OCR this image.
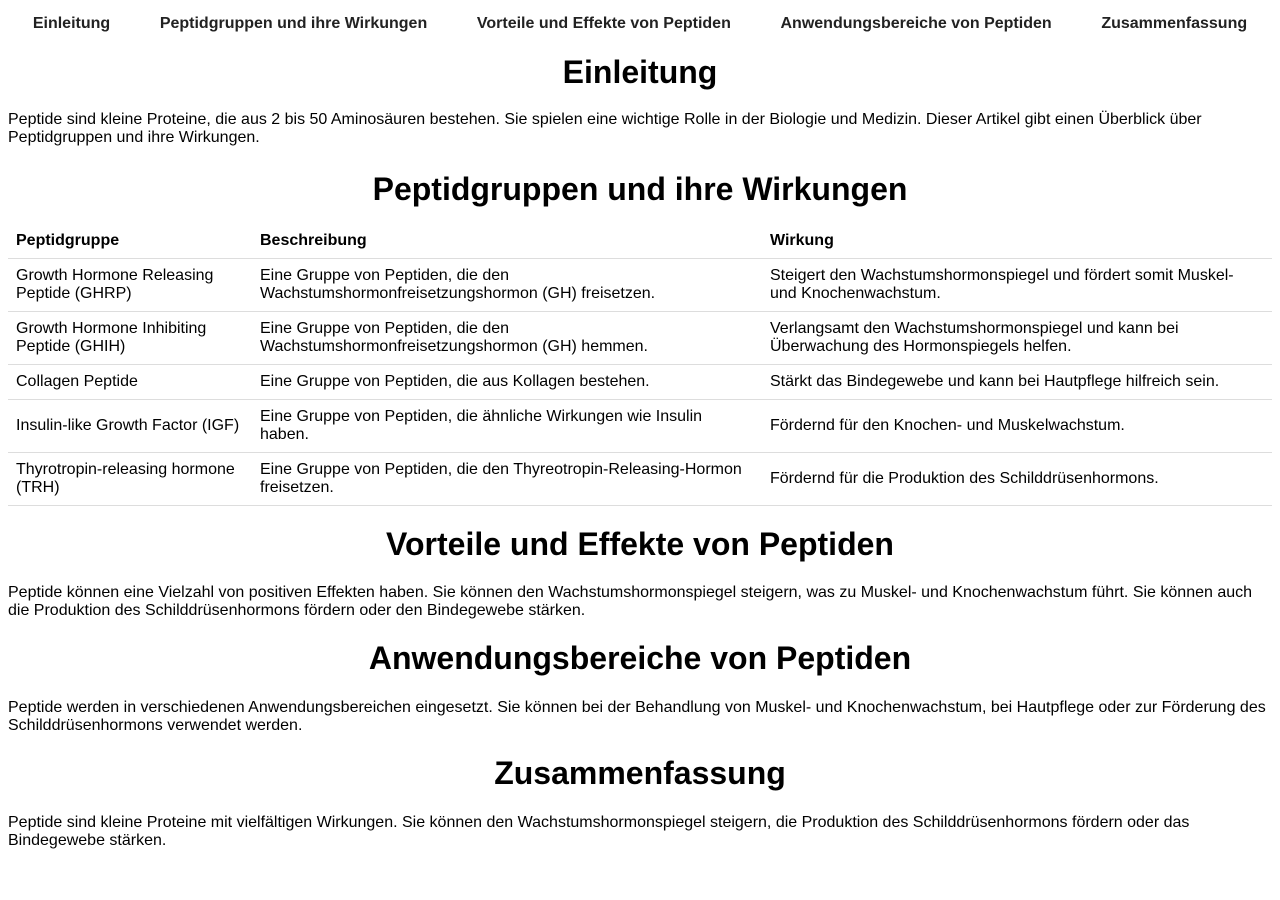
Einleitung	Peptidgruppen und ihre Wirkungen	Vorteile und Effekte von Peptiden	Anwendungsbereiche von Peptiden	Zusammenfassung
Einleitung

Peptide sind kleine Proteine, die aus 2 bis 50 Aminosäuren bestehen. Sie spielen eine wichtige Rolle in der Biologie und Medizin. Dieser Artikel gibt einen Überblick über Peptidgruppen und ihre Wirkungen.

Peptidgruppen und ihre Wirkungen
Peptidgruppe	Beschreibung	Wirkung
Growth Hormone Releasing Peptide (GHRP)	Eine Gruppe von Peptiden, die den Wachstumshormonfreisetzungshormon (GH) freisetzen.	Steigert den Wachstumshormonspiegel und fördert somit Muskel- und Knochenwachstum.
Growth Hormone Inhibiting Peptide (GHIH)	Eine Gruppe von Peptiden, die den Wachstumshormonfreisetzungshormon (GH) hemmen.	Verlangsamt den Wachstumshormonspiegel und kann bei Überwachung des Hormonspiegels helfen.
Collagen Peptide	Eine Gruppe von Peptiden, die aus Kollagen bestehen.	Stärkt das Bindegewebe und kann bei Hautpflege hilfreich sein.
Insulin-like Growth Factor (IGF)	Eine Gruppe von Peptiden, die ähnliche Wirkungen wie Insulin haben.	Fördernd für den Knochen- und Muskelwachstum.
Thyrotropin-releasing hormone (TRH)	Eine Gruppe von Peptiden, die den Thyreotropin-Releasing-Hormon freisetzen.	Fördernd für die Produktion des Schilddrüsenhormons.
Vorteile und Effekte von Peptiden

Peptide können eine Vielzahl von positiven Effekten haben. Sie können den Wachstumshormonspiegel steigern, was zu Muskel- und Knochenwachstum führt. Sie können auch die Produktion des Schilddrüsenhormons fördern oder den Bindegewebe stärken.

Anwendungsbereiche von Peptiden

Peptide werden in verschiedenen Anwendungsbereichen eingesetzt. Sie können bei der Behandlung von Muskel- und Knochenwachstum, bei Hautpflege oder zur Förderung des Schilddrüsenhormons verwendet werden.

Zusammenfassung

Peptide sind kleine Proteine mit vielfältigen Wirkungen. Sie können den Wachstumshormonspiegel steigern, die Produktion des Schilddrüsenhormons fördern oder das Bindegewebe stärken.
